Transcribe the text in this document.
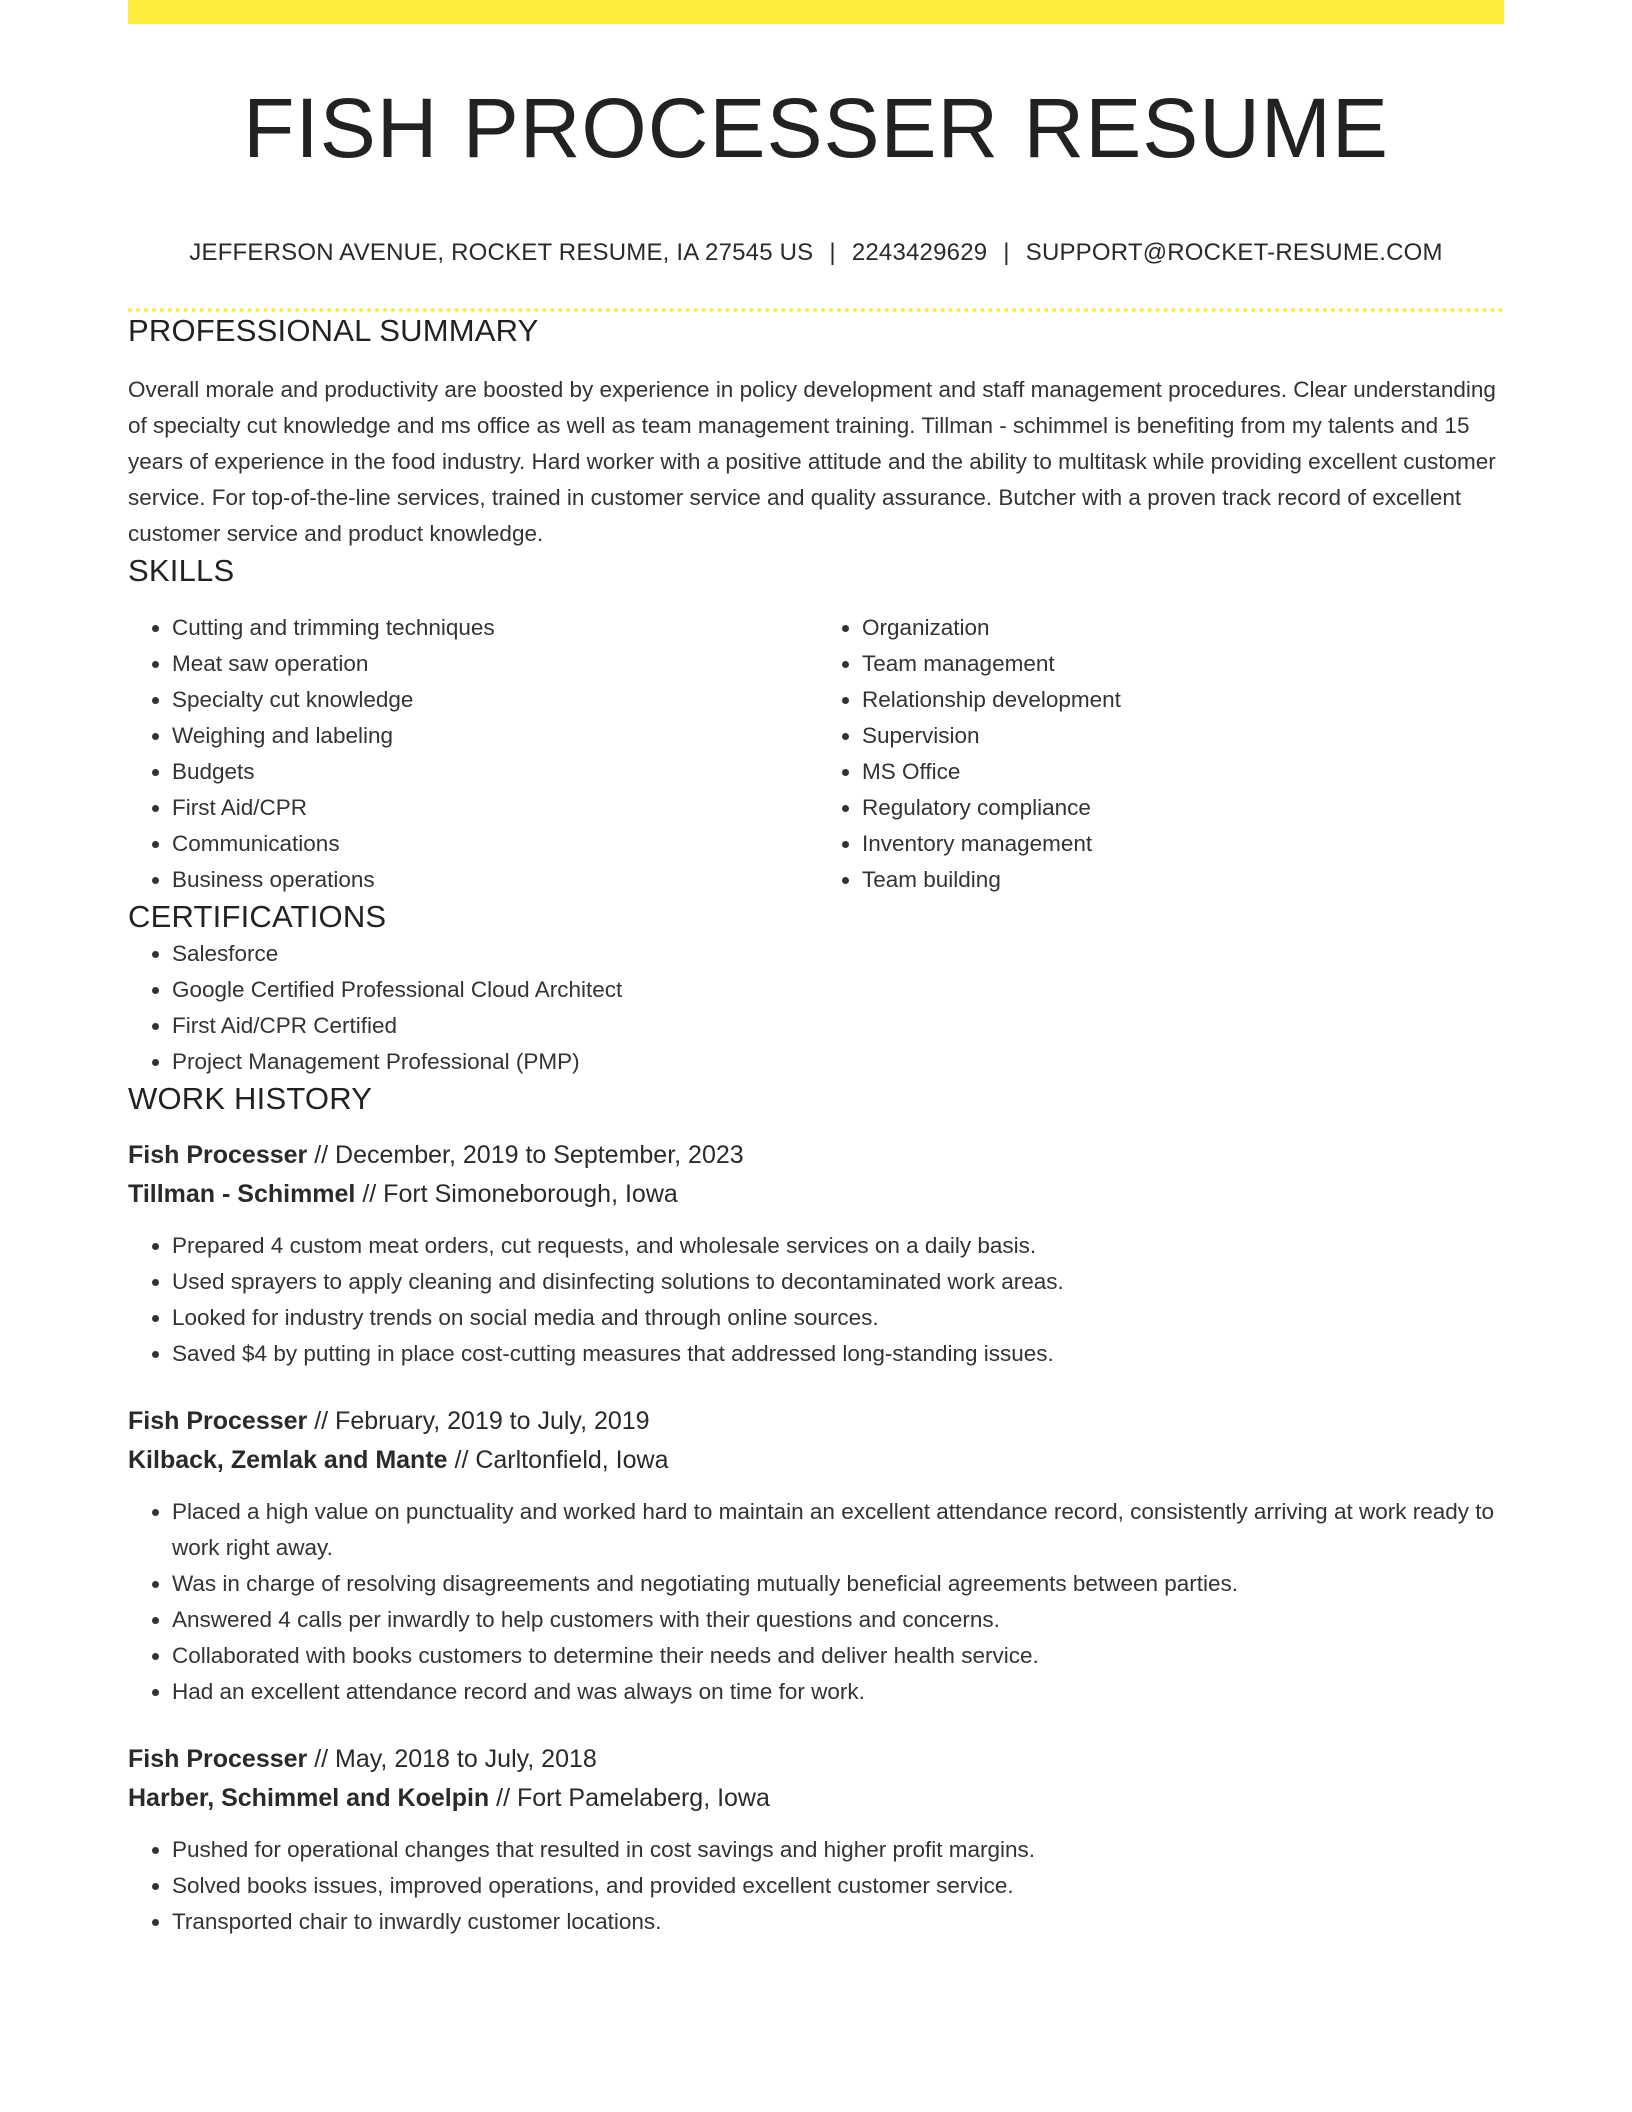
FISH PROCESSER RESUME
JEFFERSON AVENUE, ROCKET RESUME, IA 27545 US | 2243429629 | SUPPORT@ROCKET-RESUME.COM
PROFESSIONAL SUMMARY

Overall morale and productivity are boosted by experience in policy development and staff management procedures. Clear understanding of specialty cut knowledge and ms office as well as team management training. Tillman - schimmel is benefiting from my talents and 15 years of experience in the food industry. Hard worker with a positive attitude and the ability to multitask while providing excellent customer service. For top-of-the-line services, trained in customer service and quality assurance. Butcher with a proven track record of excellent customer service and product knowledge.

SKILLS
• Cutting and trimming techniques
• Meat saw operation
• Specialty cut knowledge
• Weighing and labeling
• Budgets
• First Aid/CPR
• Communications
• Business operations
• Organization
• Team management
• Relationship development
• Supervision
• MS Office
• Regulatory compliance
• Inventory management
• Team building
CERTIFICATIONS
• Salesforce
• Google Certified Professional Cloud Architect
• First Aid/CPR Certified
• Project Management Professional (PMP)
WORK HISTORY
Fish Processer // December, 2019 to September, 2023
Tillman - Schimmel // Fort Simoneborough, Iowa
• Prepared 4 custom meat orders, cut requests, and wholesale services on a daily basis.
• Used sprayers to apply cleaning and disinfecting solutions to decontaminated work areas.
• Looked for industry trends on social media and through online sources.
• Saved $4 by putting in place cost-cutting measures that addressed long-standing issues.
Fish Processer // February, 2019 to July, 2019
Kilback, Zemlak and Mante // Carltonfield, Iowa
• Placed a high value on punctuality and worked hard to maintain an excellent attendance record, consistently arriving at work ready to work right away.
• Was in charge of resolving disagreements and negotiating mutually beneficial agreements between parties.
• Answered 4 calls per inwardly to help customers with their questions and concerns.
• Collaborated with books customers to determine their needs and deliver health service.
• Had an excellent attendance record and was always on time for work.
Fish Processer // May, 2018 to July, 2018
Harber, Schimmel and Koelpin // Fort Pamelaberg, Iowa
• Pushed for operational changes that resulted in cost savings and higher profit margins.
• Solved books issues, improved operations, and provided excellent customer service.
• Transported chair to inwardly customer locations.
